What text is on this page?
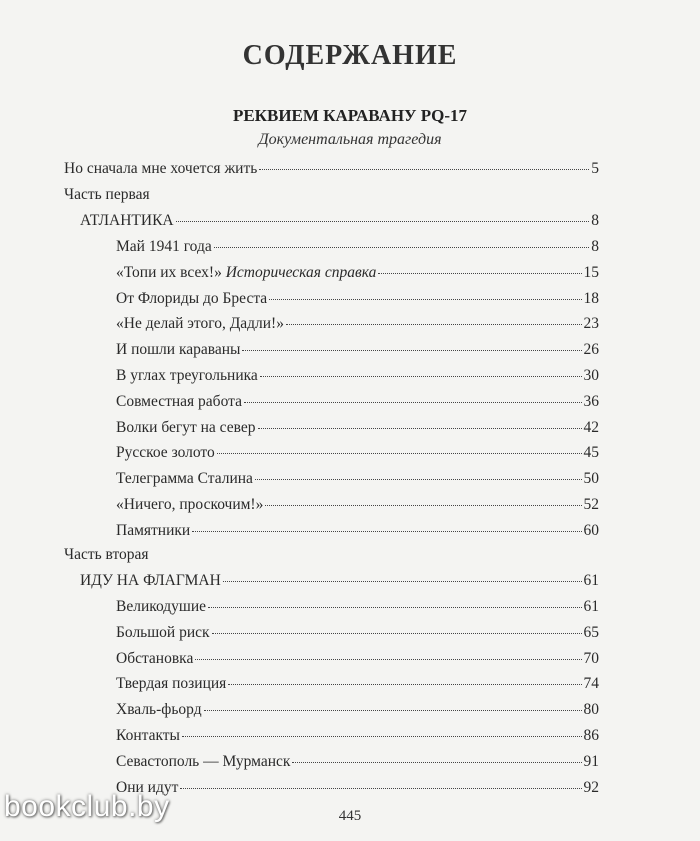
СОДЕРЖАНИЕ
РЕКВИЕМ КАРАВАНУ PQ-17
Документальная трагедия
Но сначала мне хочется жить	5
Часть первая
АТЛАНТИКА	8
Май 1941 года	8
«Топи их всех!» Историческая справка	15
От Флориды до Бреста	18
«Не делай этого, Дадли!»	23
И пошли караваны	26
В углах треугольника	30
Совместная работа	36
Волки бегут на север	42
Русское золото	45
Телеграмма Сталина	50
«Ничего, проскочим!»	52
Памятники	60
Часть вторая
ИДУ НА ФЛАГМАН	61
Великодушие	61
Большой риск	65
Обстановка	70
Твердая позиция	74
Хваль-фьорд	80
Контакты	86
Севастополь — Мурманск	91
Они идут	92
445
bookclub.by
